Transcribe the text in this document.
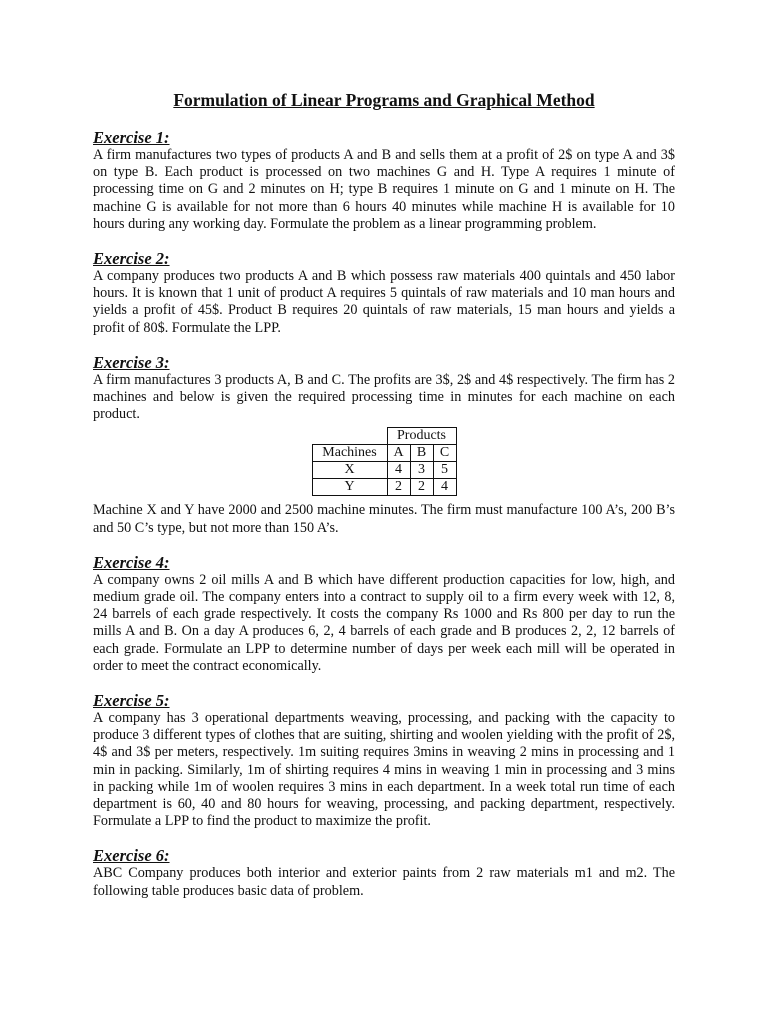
Formulation of Linear Programs and Graphical Method
Exercise 1:

A firm manufactures two types of products A and B and sells them at a profit of 2$ on type A and 3$ on type B. Each product is processed on two machines G and H. Type A requires 1 minute of processing time on G and 2 minutes on H; type B requires 1 minute on G and 1 minute on H. The machine G is available for not more than 6 hours 40 minutes while machine H is available for 10 hours during any working day. Formulate the problem as a linear programming problem.

Exercise 2:

A company produces two products A and B which possess raw materials 400 quintals and 450 labor hours. It is known that 1 unit of product A requires 5 quintals of raw materials and 10 man hours and yields a profit of 45$. Product B requires 20 quintals of raw materials, 15 man hours and yields a profit of 80$. Formulate the LPP.

Exercise 3:

A firm manufactures 3 products A, B and C. The profits are 3$, 2$ and 4$ respectively. The firm has 2 machines and below is given the required processing time in minutes for each machine on each product.

	Products		
Machines	A	B	C
X	4	3	5
Y	2	2	4

Machine X and Y have 2000 and 2500 machine minutes. The firm must manufacture 100 A’s, 200 B’s and 50 C’s type, but not more than 150 A’s.

Exercise 4:

A company owns 2 oil mills A and B which have different production capacities for low, high, and medium grade oil. The company enters into a contract to supply oil to a firm every week with 12, 8, 24 barrels of each grade respectively. It costs the company Rs 1000 and Rs 800 per day to run the mills A and B. On a day A produces 6, 2, 4 barrels of each grade and B produces 2, 2, 12 barrels of each grade. Formulate an LPP to determine number of days per week each mill will be operated in order to meet the contract economically.

Exercise 5:

A company has 3 operational departments weaving, processing, and packing with the capacity to produce 3 different types of clothes that are suiting, shirting and woolen yielding with the profit of 2$, 4$ and 3$ per meters, respectively. 1m suiting requires 3mins in weaving 2 mins in processing and 1 min in packing. Similarly, 1m of shirting requires 4 mins in weaving 1 min in processing and 3 mins in packing while 1m of woolen requires 3 mins in each department. In a week total run time of each department is 60, 40 and 80 hours for weaving, processing, and packing department, respectively. Formulate a LPP to find the product to maximize the profit.

Exercise 6:

ABC Company produces both interior and exterior paints from 2 raw materials m1 and m2. The following table produces basic data of problem.
